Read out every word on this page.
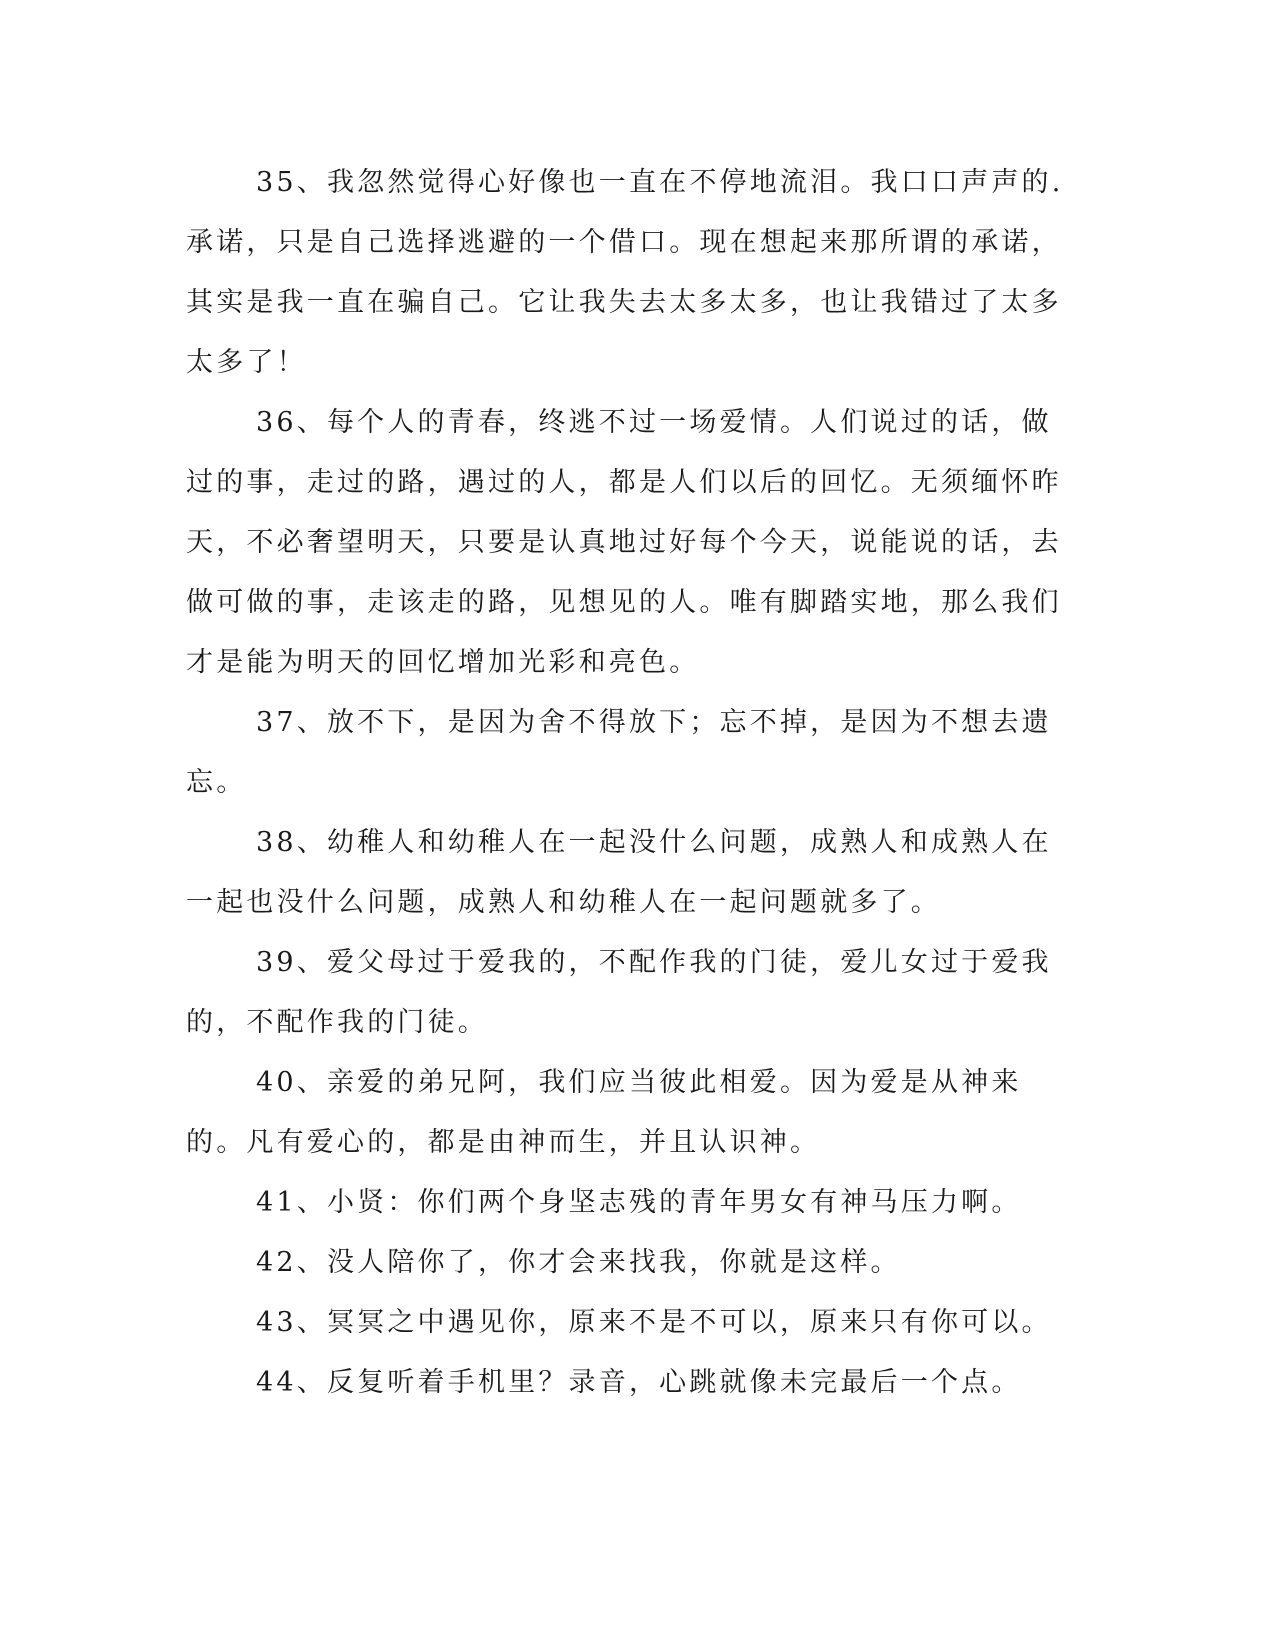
35、我忽然觉得心好像也一直在不停地流泪。我口口声声的.承诺，只是自己选择逃避的一个借口。现在想起来那所谓的承诺，其实是我一直在骗自己。它让我失去太多太多，也让我错过了太多太多了！

36、每个人的青春，终逃不过一场爱情。人们说过的话，做过的事，走过的路，遇过的人，都是人们以后的回忆。无须缅怀昨天，不必奢望明天，只要是认真地过好每个今天，说能说的话，去做可做的事，走该走的路，见想见的人。唯有脚踏实地，那么我们才是能为明天的回忆增加光彩和亮色。

37、放不下，是因为舍不得放下；忘不掉，是因为不想去遗忘。

38、幼稚人和幼稚人在一起没什么问题，成熟人和成熟人在一起也没什么问题，成熟人和幼稚人在一起问题就多了。

39、爱父母过于爱我的，不配作我的门徒，爱儿女过于爱我的，不配作我的门徒。

40、亲爱的弟兄阿，我们应当彼此相爱。因为爱是从神来的。凡有爱心的，都是由神而生，并且认识神。

41、小贤：你们两个身坚志残的青年男女有神马压力啊。

42、没人陪你了，你才会来找我，你就是这样。

43、冥冥之中遇见你，原来不是不可以，原来只有你可以。

44、反复听着手机里？录音，心跳就像未完最后一个点。
